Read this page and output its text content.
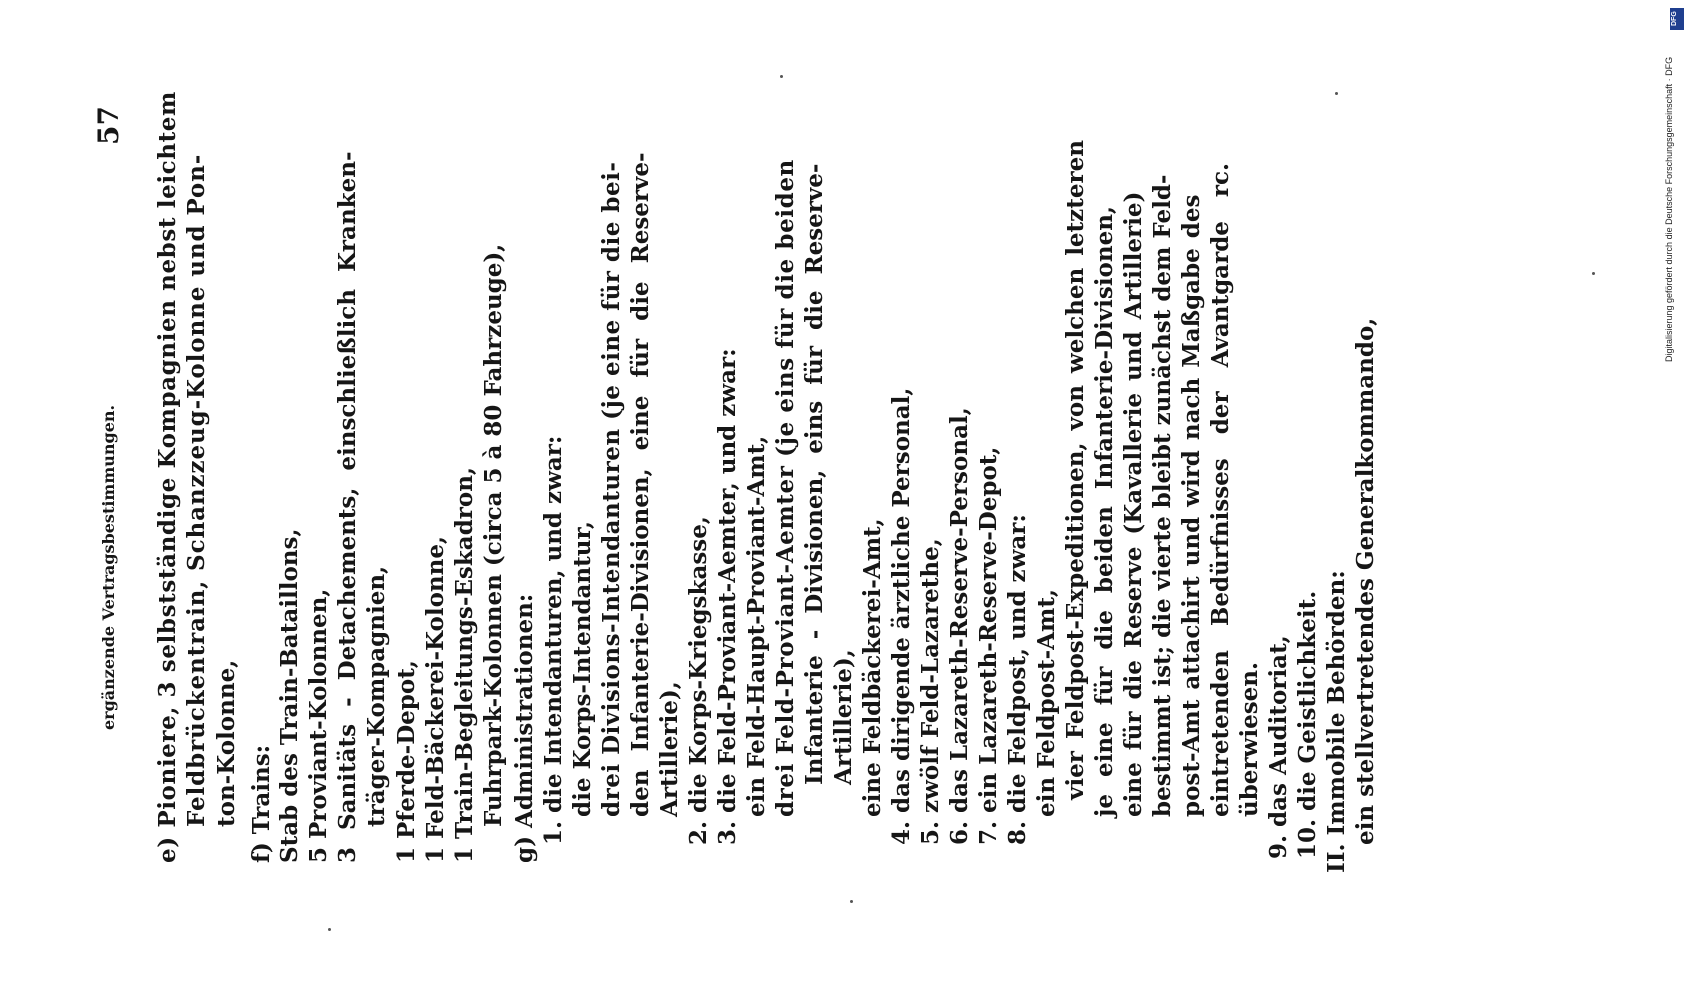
ergänzende Vertragsbestimmungen.
57 e) Pioniere, 3 selbstständige Kompagnien nebst leichtem Feldbrückentrain, Schanzzeug-Kolonne und Pon- ton-Kolonne, f) Trains: Stab des Train-Bataillons, 5 Proviant-Kolonnen, 3 Sanitäts - Detachements, einschließlich Kranken- träger-Kompagnien, 1 Pferde-Depot, 1 Feld-Bäckerei-Kolonne, 1 Train-Begleitungs-Eskadron, Fuhrpark-Kolonnen (circa 5 à 80 Fahrzeuge), g) Administrationen: 1. die Intendanturen, und zwar: die Korps-Intendantur, drei Divisions-Intendanturen (je eine für die bei- den Infanterie-Divisionen, eine für die Reserve- Artillerie), 2. die Korps-Kriegskasse, 3. die Feld-Proviant-Aemter, und zwar: ein Feld-Haupt-Proviant-Amt, drei Feld-Proviant-Aemter (je eins für die beiden Infanterie - Divisionen, eins für die Reserve- Artillerie), eine Feldbäckerei-Amt, 4. das dirigende ärztliche Personal, 5. zwölf Feld-Lazarethe, 6. das Lazareth-Reserve-Personal, 7. ein Lazareth-Reserve-Depot, 8. die Feldpost, und zwar: ein Feldpost-Amt, vier Feldpost-Expeditionen, von welchen letzteren je eine für die beiden Infanterie-Divisionen, eine für die Reserve (Kavallerie und Artillerie) bestimmt ist; die vierte bleibt zunächst dem Feld- post-Amt attachirt und wird nach Maßgabe des eintretenden Bedürfnisses der Avantgarde rc. überwiesen. 9. das Auditoriat, 10. die Geistlichkeit. II. Immobile Behörden: ein stellvertretendes Generalkommando,
DFG
Digitalisierung gefördert durch die Deutsche Forschungsgemeinschaft · DFG
